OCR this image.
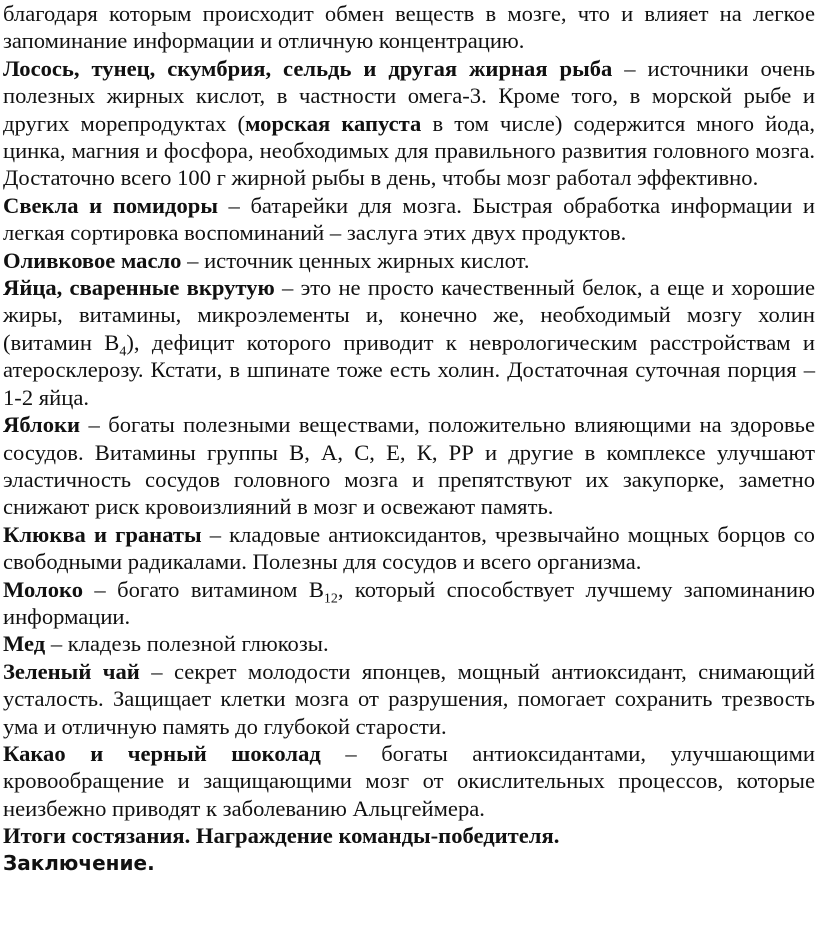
благодаря которым происходит обмен веществ в мозге, что и влияет на легкое запоминание информации и отличную концентрацию.

Лосось, тунец, скумбрия, сельдь и другая жирная рыба – источники очень полезных жирных кислот, в частности омега-3. Кроме того, в морской рыбе и других морепродуктах (морская капуста в том числе) содержится много йода, цинка, магния и фосфора, необходимых для правильного развития головного мозга. Достаточно всего 100 г жирной рыбы в день, чтобы мозг работал эффективно.

Свекла и помидоры – батарейки для мозга. Быстрая обработка информации и легкая сортировка воспоминаний – заслуга этих двух продуктов.

Оливковое масло – источник ценных жирных кислот.

Яйца, сваренные вкрутую – это не просто качественный белок, а еще и хорошие жиры, витамины, микроэлементы и, конечно же, необходимый мозгу холин (витамин $В_4$), дефицит которого приводит к неврологическим расстройствам и атеросклерозу. Кстати, в шпинате тоже есть холин. Достаточная суточная порция – 1-2 яйца.

Яблоки – богаты полезными веществами, положительно влияющими на здоровье сосудов. Витамины группы В, А, С, Е, К, РР и другие в комплексе улучшают эластичность сосудов головного мозга и препятствуют их закупорке, заметно снижают риск кровоизлияний в мозг и освежают память.

Клюква и гранаты – кладовые антиоксидантов, чрезвычайно мощных борцов со свободными радикалами. Полезны для сосудов и всего организма.

Молоко – богато витамином $В_{12}$, который способствует лучшему запоминанию информации.

Мед – кладезь полезной глюкозы.

Зеленый чай – секрет молодости японцев, мощный антиоксидант, снимающий усталость. Защищает клетки мозга от разрушения, помогает сохранить трезвость ума и отличную память до глубокой старости.

Какао и черный шоколад – богаты антиоксидантами, улучшающими кровообращение и защищающими мозг от окислительных процессов, которые неизбежно приводят к заболеванию Альцгеймера.

Итоги состязания. Награждение команды-победителя.

Заключение.
